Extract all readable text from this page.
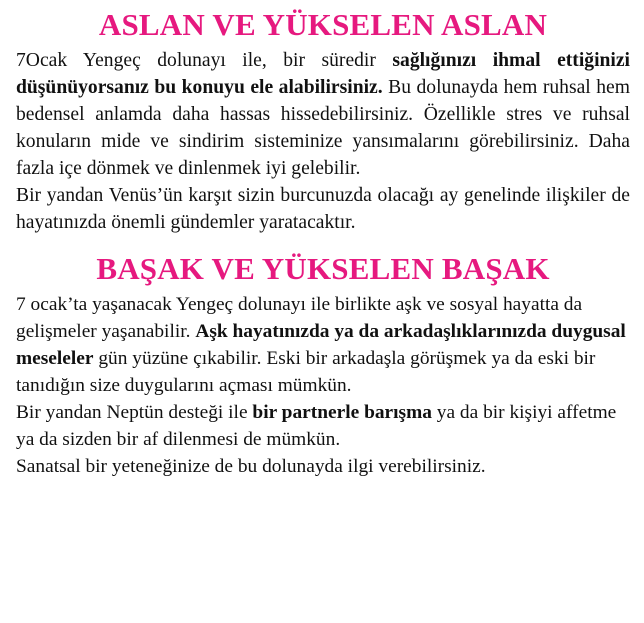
ASLAN VE YÜKSELEN ASLAN

7Ocak Yengeç dolunayı ile, bir süredir sağlığınızı ihmal ettiğinizi düşünüyorsanız bu konuyu ele alabilirsiniz. Bu dolunayda hem ruhsal hem bedensel anlamda daha hassas hissedebilirsiniz. Özellikle stres ve ruhsal konuların mide ve sindirim sisteminize yansımalarını görebilirsiniz. Daha fazla içe dönmek ve dinlenmek iyi gelebilir.

Bir yandan Venüs’ün karşıt sizin burcunuzda olacağı ay genelinde ilişkiler de hayatınızda önemli gündemler yaratacaktır.

BAŞAK VE YÜKSELEN BAŞAK

7 ocak’ta yaşanacak Yengeç dolunayı ile birlikte aşk ve sosyal hayatta da gelişmeler yaşanabilir. Aşk hayatınızda ya da arkadaşlıklarınızda duygusal meseleler gün yüzüne çıkabilir. Eski bir arkadaşla görüşmek ya da eski bir tanıdığın size duygularını açması mümkün.

Bir yandan Neptün desteği ile bir partnerle barışma ya da bir kişiyi affetme ya da sizden bir af dilenmesi de mümkün.

Sanatsal bir yeteneğinize de bu dolunayda ilgi verebilirsiniz.
